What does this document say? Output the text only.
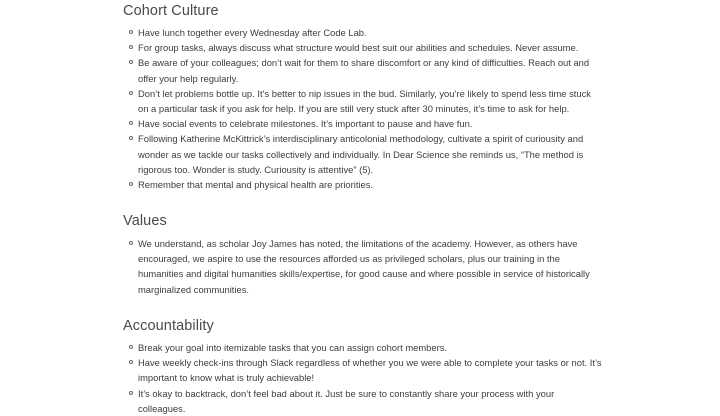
Cohort Culture
Have lunch together every Wednesday after Code Lab.
For group tasks, always discuss what structure would best suit our abilities and schedules. Never assume.
Be aware of your colleagues; don’t wait for them to share discomfort or any kind of difficulties. Reach out and offer your help regularly.
Don’t let problems bottle up. It’s better to nip issues in the bud. Similarly, you’re likely to spend less time stuck on a particular task if you ask for help. If you are still very stuck after 30 minutes, it’s time to ask for help.
Have social events to celebrate milestones. It’s important to pause and have fun.
Following Katherine McKittrick’s interdisciplinary anticolonial methodology, cultivate a spirit of curiousity and wonder as we tackle our tasks collectively and individually. In Dear Science she reminds us, “The method is rigorous too. Wonder is study. Curiousity is attentive” (5).
Remember that mental and physical health are priorities.
Values
We understand, as scholar Joy James has noted, the limitations of the academy. However, as others have encouraged, we aspire to use the resources afforded us as privileged scholars, plus our training in the humanities and digital humanities skills/expertise, for good cause and where possible in service of historically marginalized communities.
Accountability
Break your goal into itemizable tasks that you can assign cohort members.
Have weekly check-ins through Slack regardless of whether you we were able to complete your tasks or not. It’s important to know what is truly achievable!
It’s okay to backtrack, don’t feel bad about it. Just be sure to constantly share your process with your colleagues.
